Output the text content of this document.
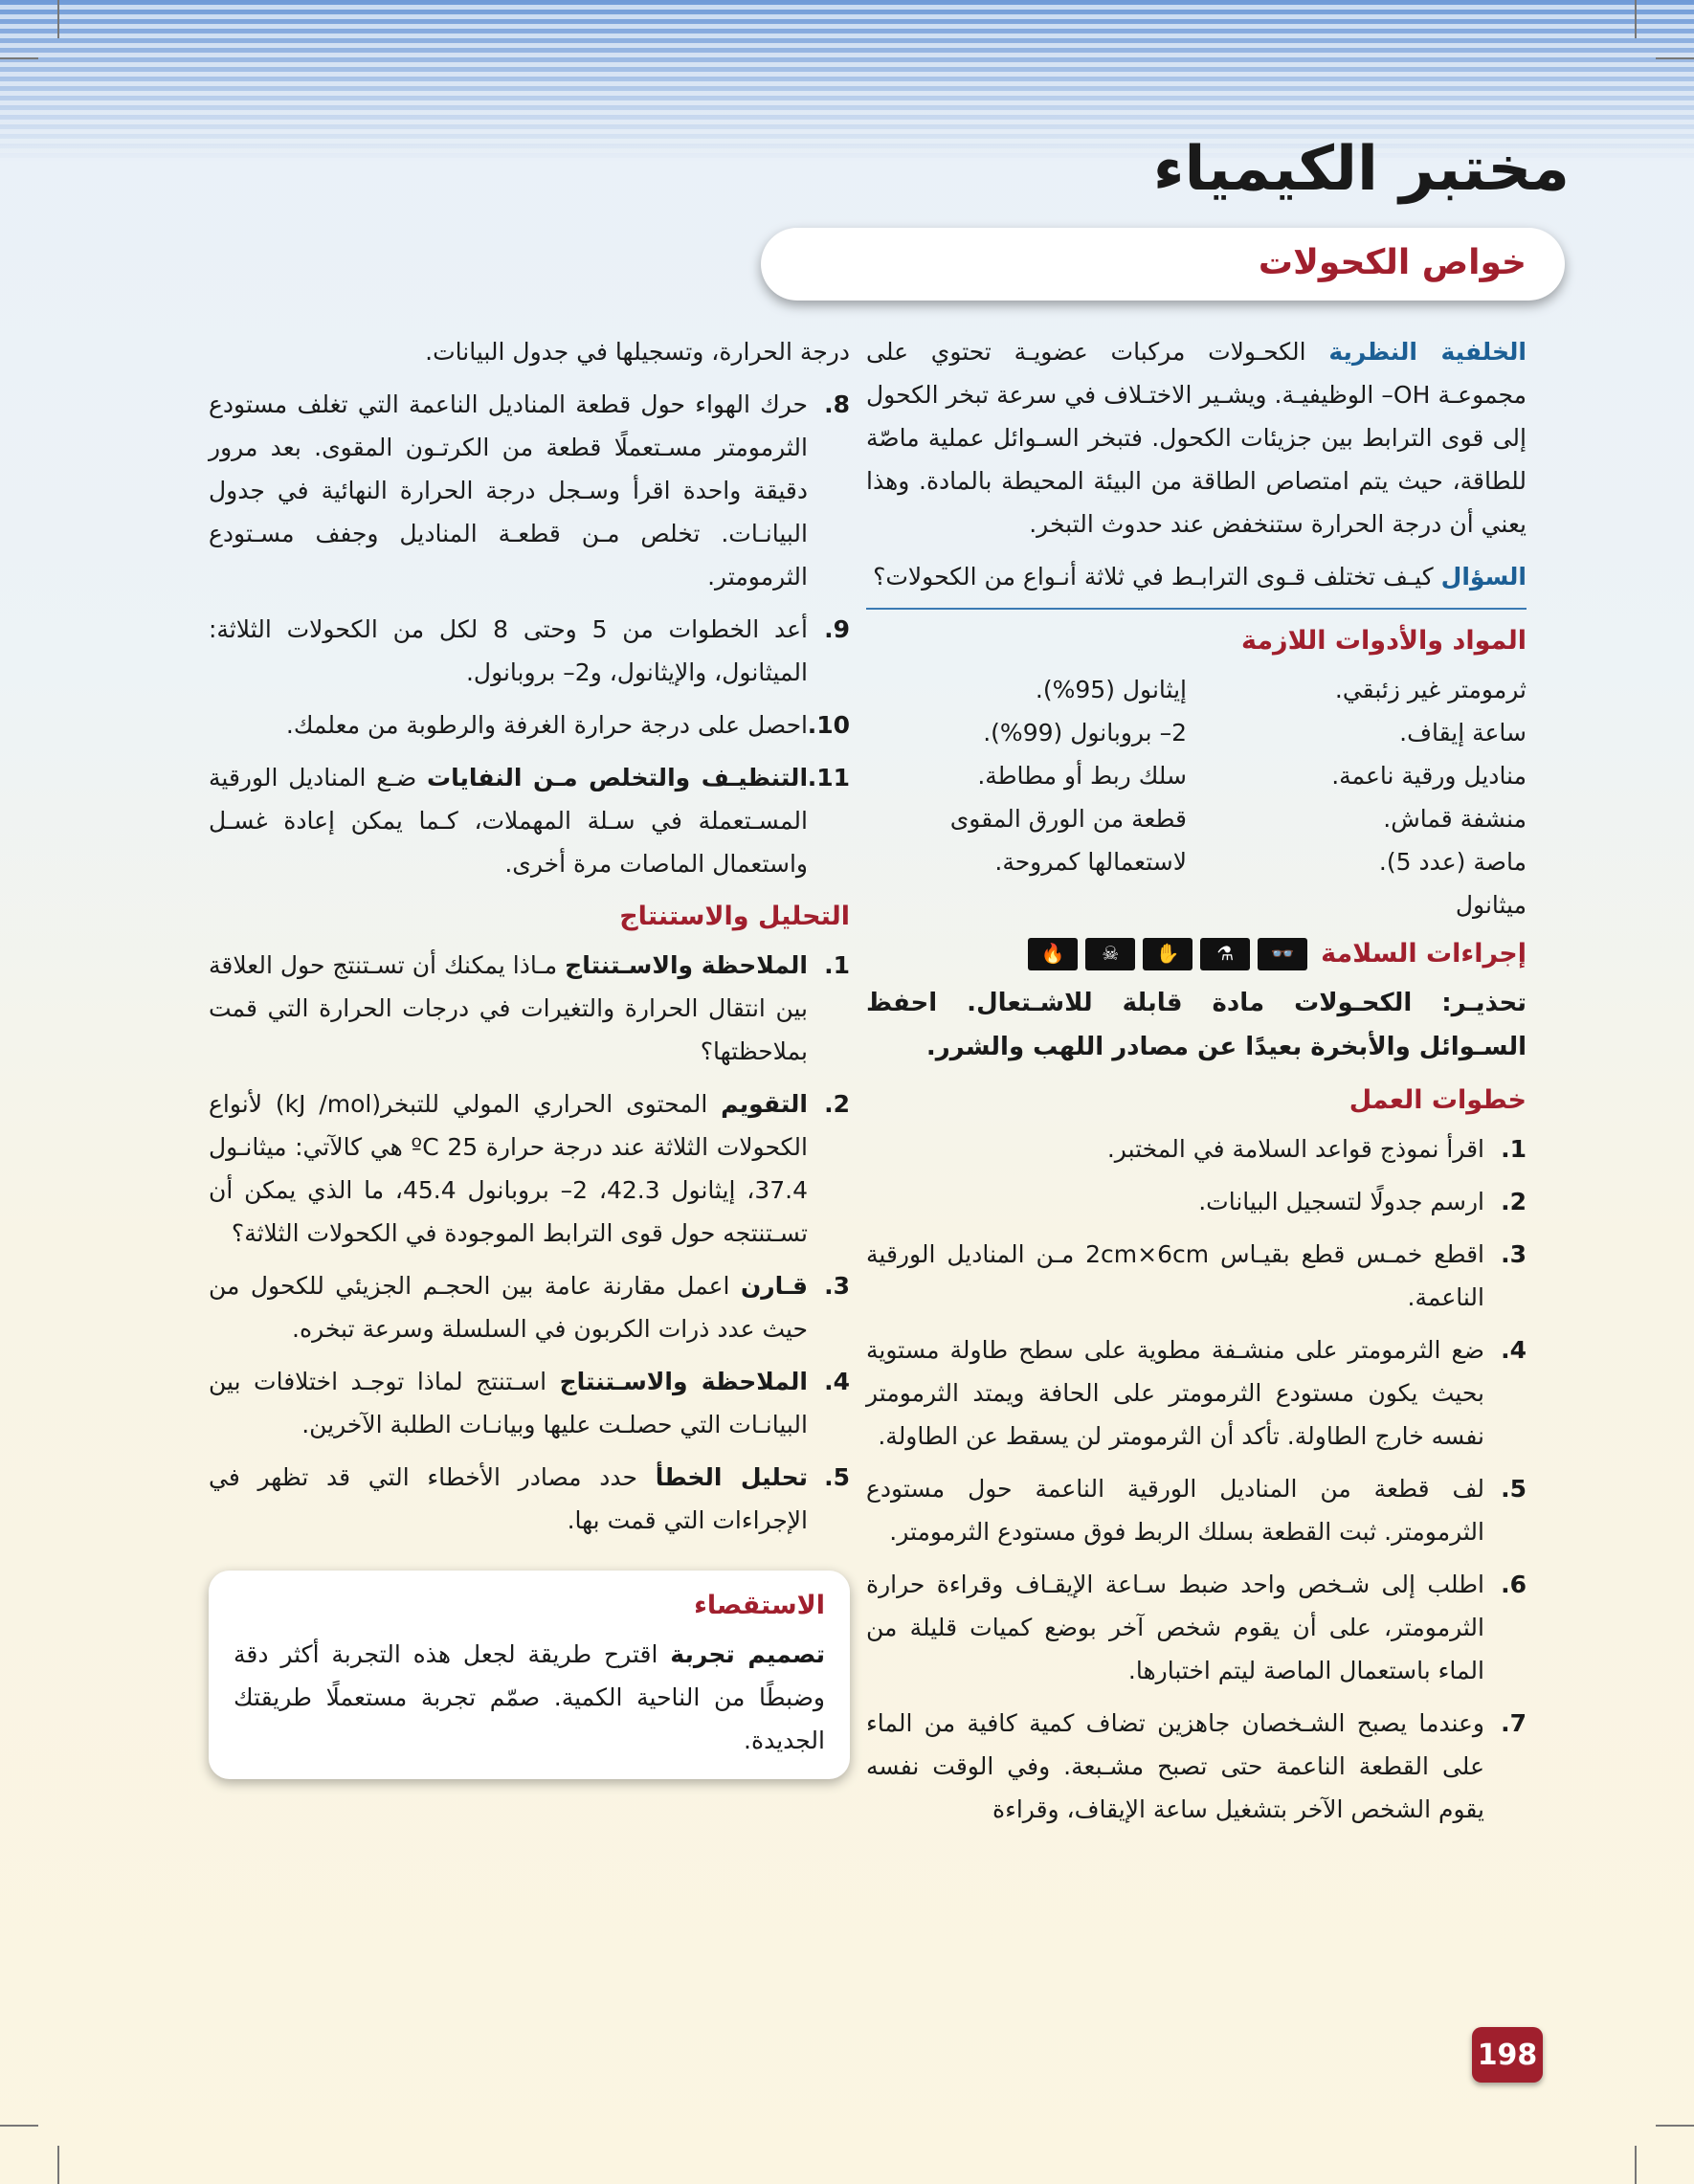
مختبر الكيمياء
خواص الكحولات

الخلفية النظرية الكحـولات مركبات عضويـة تحتوي على مجموعـة OH– الوظيفيـة. ويشـير الاختـلاف في سرعة تبخر الكحول إلى قوى الترابط بين جزيئات الكحول. فتبخر السـوائل عملية ماصّة للطاقة، حيث يتم امتصاص الطاقة من البيئة المحيطة بالمادة. وهذا يعني أن درجة الحرارة ستنخفض عند حدوث التبخر.

السؤال كيـف تختلف قـوى الترابـط في ثلاثة أنـواع من الكحولات؟

المواد والأدوات اللازمة
ثرمومتر غير زئبقي.
إيثانول (95%).
ساعة إيقاف.
2– بروبانول (99%).
مناديل ورقية ناعمة.
سلك ربط أو مطاطة.
منشفة قماش.
قطعة من الورق المقوى
ماصة (عدد 5).
لاستعمالها كمروحة.
ميثانول
إجراءات السلامة
👓
⚗
✋
☠
🔥

تحذيـر: الكحـولات مادة قابلة للاشـتعال. احفظ السـوائل والأبخرة بعيدًا عن مصادر اللهب والشرر.

خطوات العمل
1.
اقرأ نموذج قواعد السلامة في المختبر.
2.
ارسم جدولًا لتسجيل البيانات.
3.
اقطع خمـس قطع بقيـاس 2cm×6cm مـن المناديل الورقية الناعمة.
4.
ضع الثرمومتر على منشـفة مطوية على سطح طاولة مستوية بحيث يكون مستودع الثرمومتر على الحافة ويمتد الثرمومتر نفسه خارج الطاولة. تأكد أن الثرمومتر لن يسقط عن الطاولة.
5.
لف قطعة من المناديل الورقية الناعمة حول مستودع الثرمومتر. ثبت القطعة بسلك الربط فوق مستودع الثرمومتر.
6.
اطلب إلى شـخص واحد ضبط سـاعة الإيقـاف وقراءة حرارة الثرمومتر، على أن يقوم شخص آخر بوضع كميات قليلة من الماء باستعمال الماصة ليتم اختبارها.
7.
وعندما يصبح الشـخصان جاهزين تضاف كمية كافية من الماء على القطعة الناعمة حتى تصبح مشـبعة. وفي الوقت نفسه يقوم الشخص الآخر بتشغيل ساعة الإيقاف، وقراءة

درجة الحرارة، وتسجيلها في جدول البيانات.

8.
حرك الهواء حول قطعة المناديل الناعمة التي تغلف مستودع الثرمومتر مسـتعملًا قطعة من الكرتـون المقوى. بعد مرور دقيقة واحدة اقرأ وسـجل درجة الحرارة النهائية في جدول البيانـات. تخلص مـن قطعـة المناديل وجفف مسـتودع الثرمومتر.
9.
أعد الخطوات من 5 وحتى 8 لكل من الكحولات الثلاثة: الميثانول، والإيثانول، و2– بروبانول.
10.
احصل على درجة حرارة الغرفة والرطوبة من معلمك.
11.
التنظيـف والتخلص مـن النفايات ضـع المناديل الورقية المسـتعملة في سـلة المهملات، كـما يمكن إعادة غسـل واستعمال الماصات مرة أخرى.
التحليل والاستنتاج
1.
الملاحظة والاسـتنتاج مـاذا يمكنك أن تسـتنتج حول العلاقة بين انتقال الحرارة والتغيرات في درجات الحرارة التي قمت بملاحظتها؟
2.
التقويم المحتوى الحراري المولي للتبخر(kJ /mol) لأنواع الكحولات الثلاثة عند درجة حرارة 25 ºC هي كالآتي: ميثانـول 37.4، إيثانول 42.3، 2– بروبانول 45.4، ما الذي يمكن أن تسـتنتجه حول قوى الترابط الموجودة في الكحولات الثلاثة؟
3.
قـارن اعمل مقارنة عامة بين الحجـم الجزيئي للكحول من حيث عدد ذرات الكربون في السلسلة وسرعة تبخره.
4.
الملاحظة والاسـتنتاج اسـتنتج لماذا توجـد اختلافات بين البيانـات التي حصلـت عليها وبيانـات الطلبة الآخرين.
5.
تحليل الخطأ حدد مصادر الأخطاء التي قد تظهر في الإجراءات التي قمت بها.
الاستقصاء

تصميم تجربة اقترح طريقة لجعل هذه التجربة أكثر دقة وضبطًا من الناحية الكمية. صمّم تجربة مستعملًا طريقتك الجديدة.

198
